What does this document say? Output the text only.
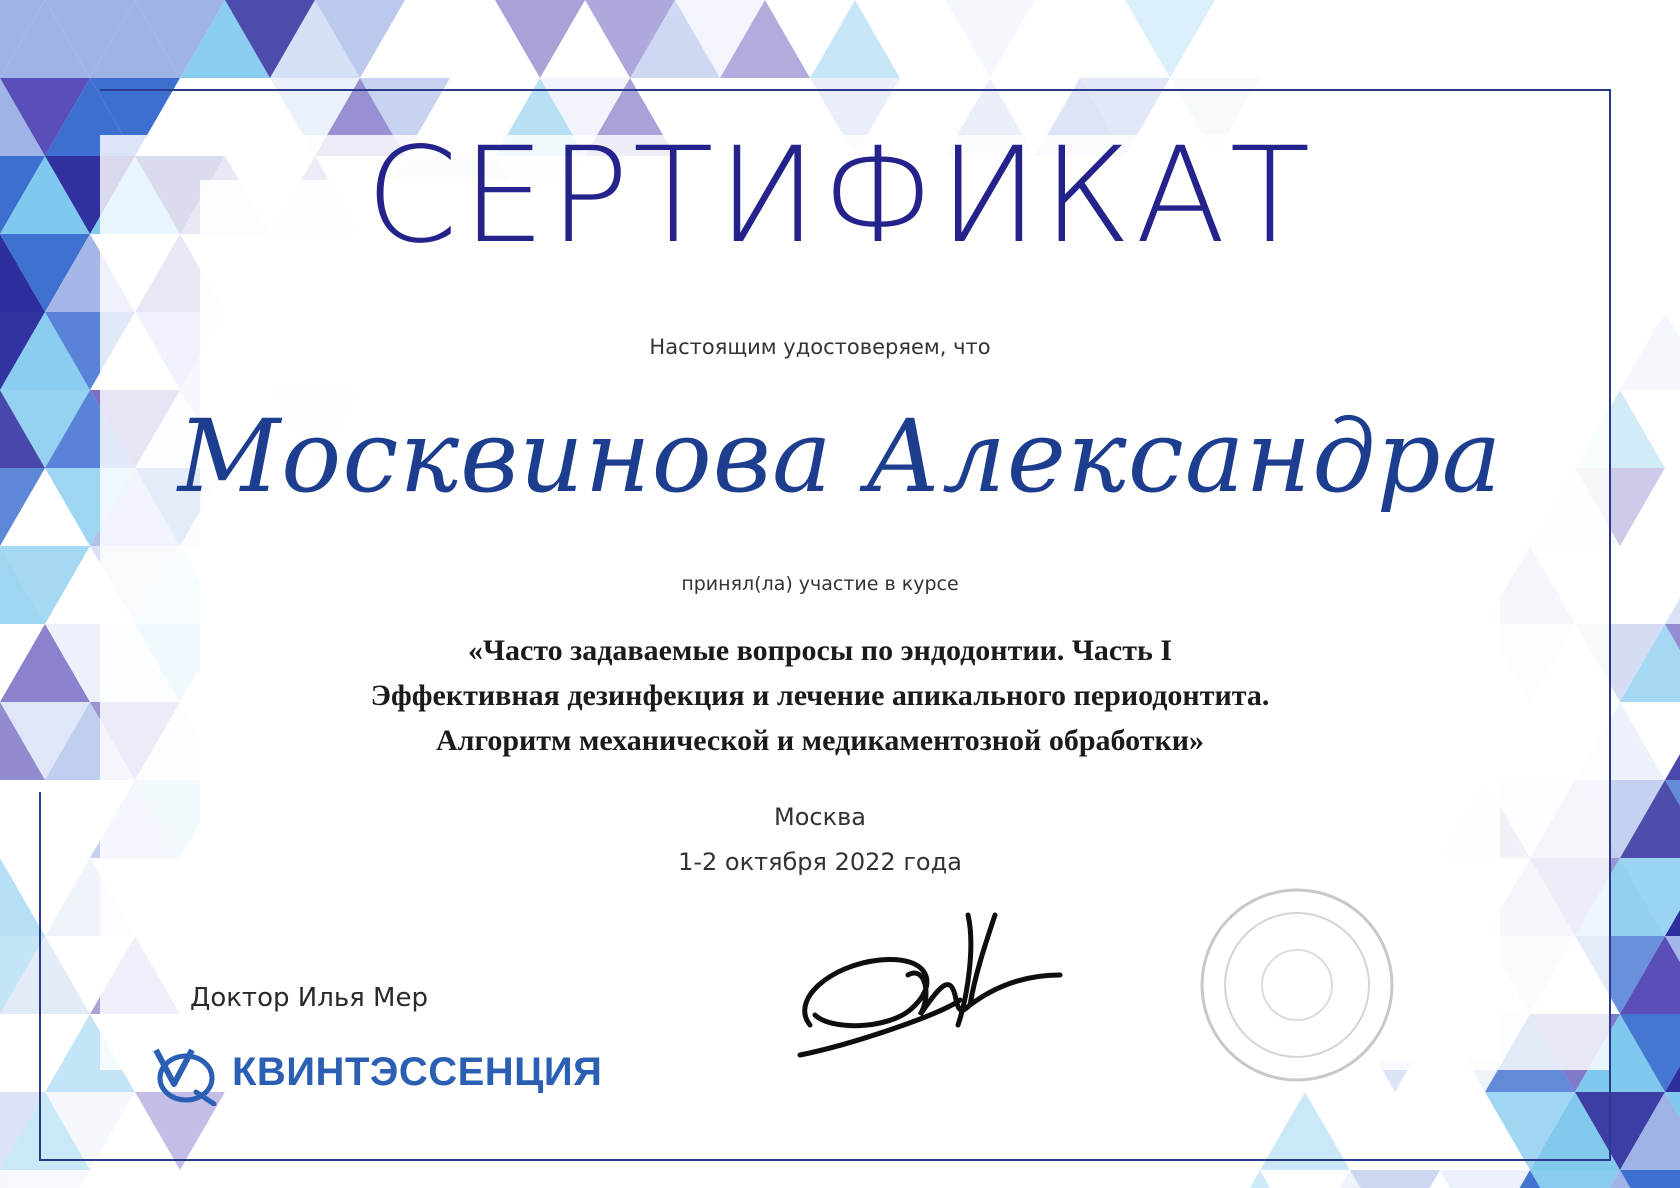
СЕРТИФИКАТ
Настоящим удостоверяем, что
Москвинова Александра
принял(ла) участие в курсе
«Часто задаваемые вопросы по эндодонтии. Часть I
Эффективная дезинфекция и лечение апикального периодонтита.
Алгоритм механической и медикаментозной обработки»
Москва
1-2 октября 2022 года
Доктор Илья Мер
КВИНТЭССЕНЦИЯ
